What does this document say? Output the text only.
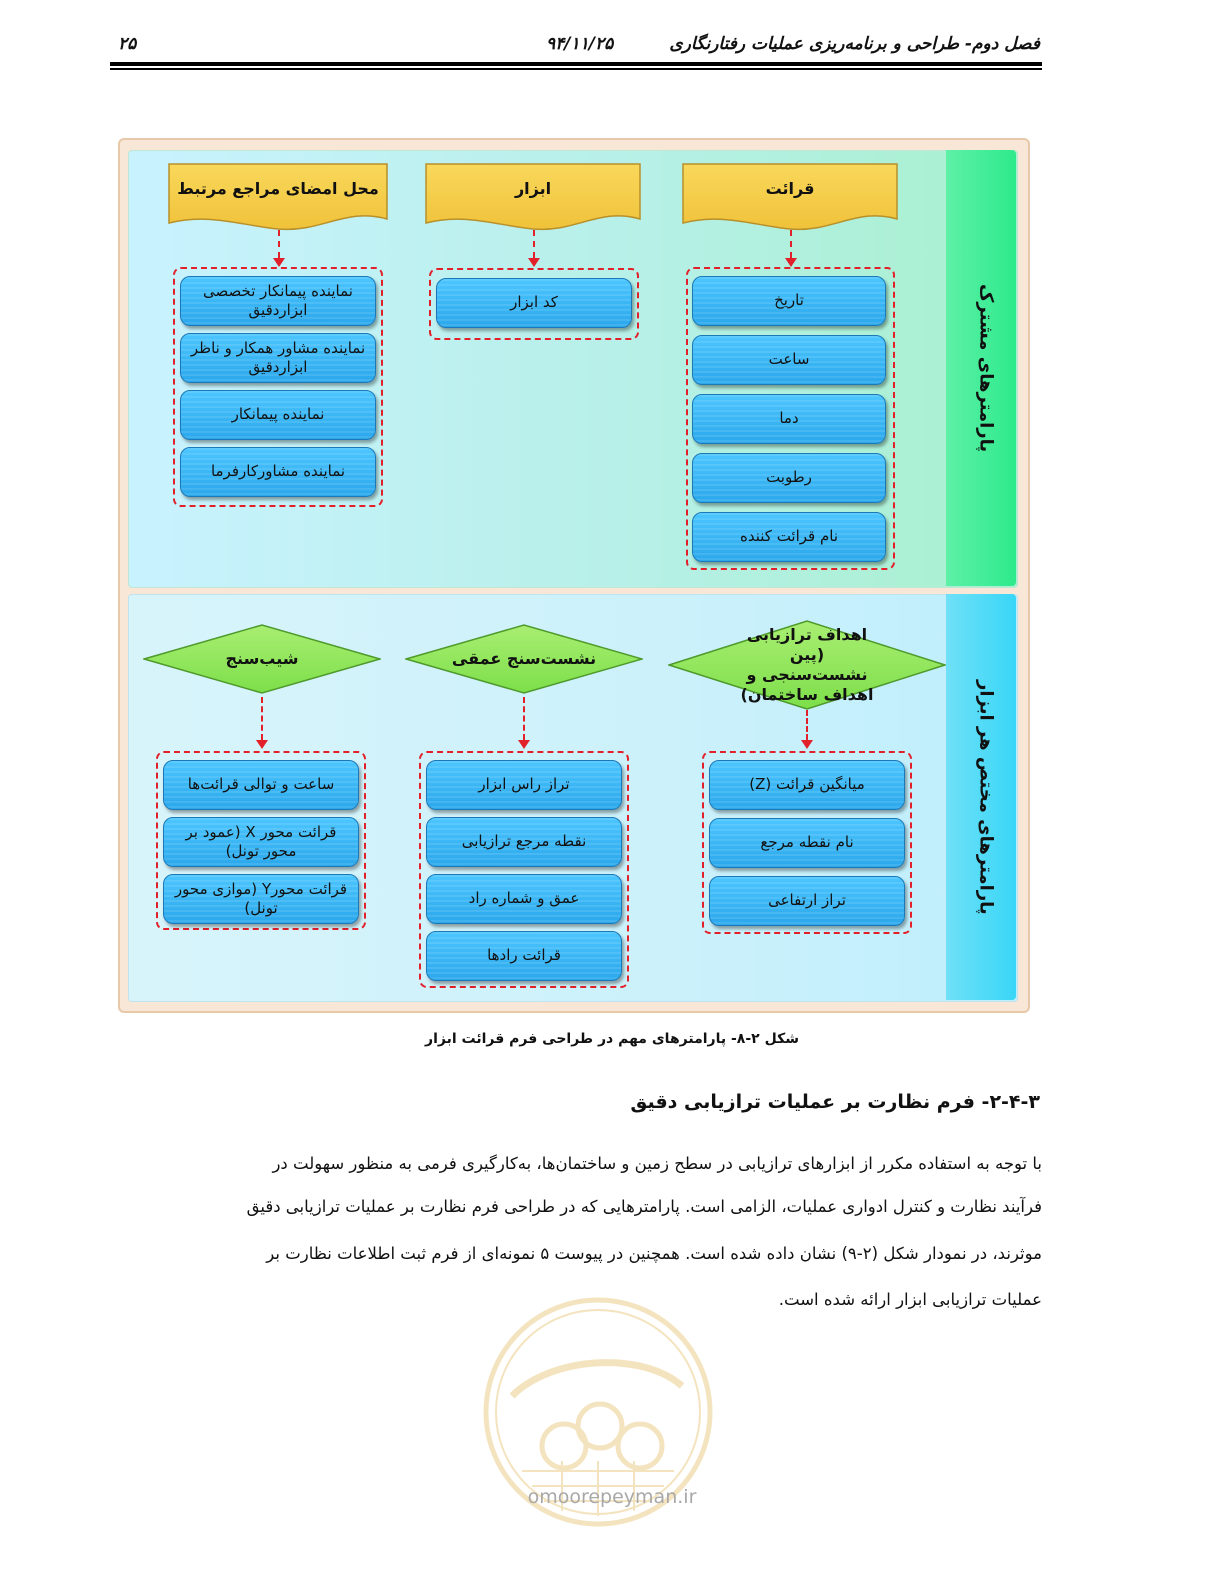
۲۵	۹۴/۱۱/۲۵	فصل دوم- طراحی و برنامه‌ریزی عملیات رفتارنگاری
پارامترهای مشترک
پارامترهای مختص هر ابزار
قرائت
ابزار
محل امضای مراجع مرتبط
تاریخ
ساعت
دما
رطوبت
نام قرائت کننده
کد ابزار
نماینده پیمانکار تخصصی ابزاردقیق
نماینده مشاور همکار و ناظر ابزاردقیق
نماینده پیمانکار
نماینده مشاورکارفرما
اهداف ترازیابی (پین نشست‌سنجی و اهداف ساختمان)
نشست‌سنج عمقی
شیب‌سنج
میانگین قرائت (Z)
نام نقطه مرجع
تراز ارتفاعی
تراز راس ابزار
نقطه مرجع ترازیابی
عمق و شماره راد
قرائت رادها
ساعت و توالی قرائت‌ها
قرائت محور X (عمود بر محور تونل)
قرائت محورY (موازی محور تونل)
شکل ۲-۸- پارامترهای مهم در طراحی فرم قرائت ابزار
۲-۴-۳- فرم نظارت بر عملیات ترازیابی دقیق
با توجه به استفاده مکرر از ابزارهای ترازیابی در سطح زمین و ساختمان‌ها، به‌کارگیری فرمی به منظور سهولت در
فرآیند نظارت و کنترل ادواری عملیات، الزامی است. پارامترهایی که در طراحی فرم نظارت بر عملیات ترازیابی دقیق
موثرند، در نمودار شکل (۲-۹) نشان داده شده است. همچنین در پیوست ۵ نمونه‌ای از فرم ثبت اطلاعات نظارت بر
عملیات ترازیابی ابزار ارائه شده است.
omoorepeyman.ir
